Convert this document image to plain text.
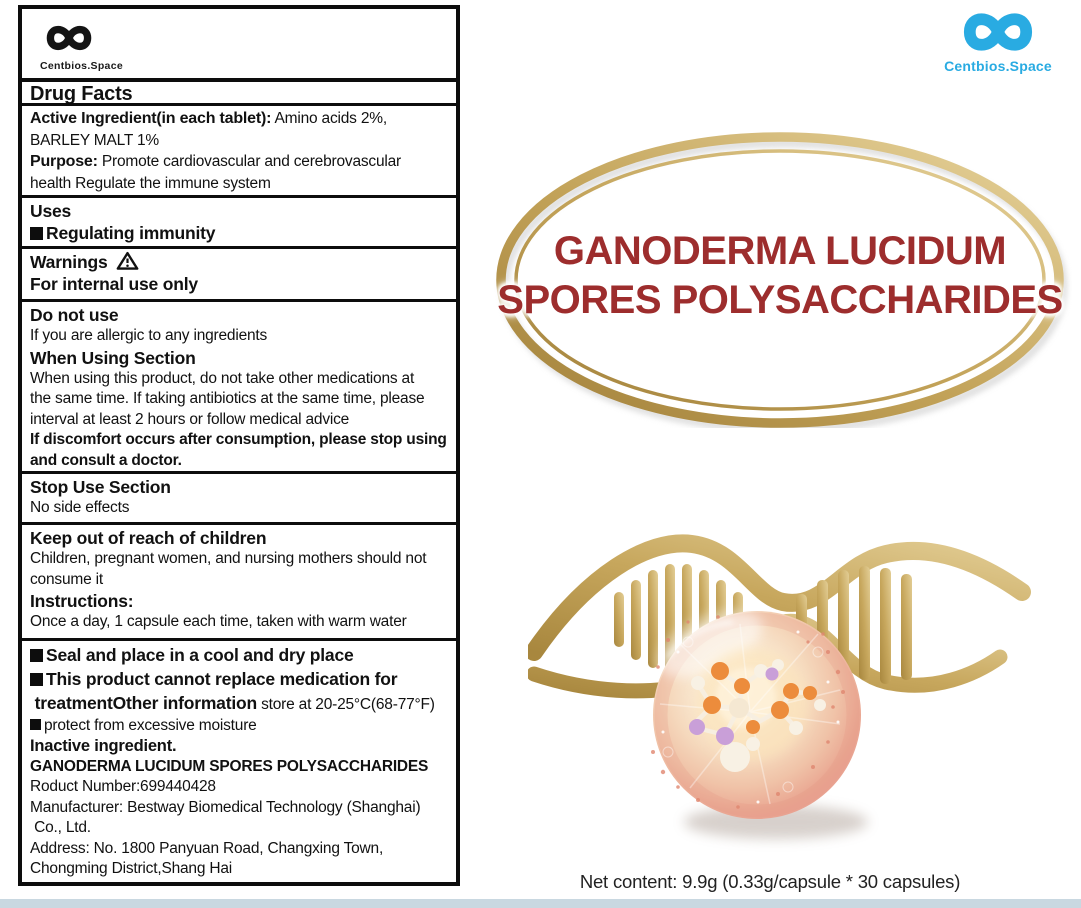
Centbios.Space

Drug Facts

Active Ingredient(in each tablet): Amino acids 2%,

BARLEY MALT 1%

Purpose: Promote cardiovascular and cerebrovascular

health Regulate the immune system

Uses

Regulating immunity

Warnings

For internal use only

Do not use

If you are allergic to any ingredients

When Using Section

When using this product, do not take other medications at

the same time. If taking antibiotics at the same time, please

interval at least 2 hours or follow medical advice

If discomfort occurs after consumption, please stop using

and consult a doctor.

Stop Use Section

No side effects

Keep out of reach of children

Children, pregnant women, and nursing mothers should not

consume it

Instructions:

Once a day, 1 capsule each time, taken with warm water

Seal and place in a cool and dry place

This product cannot replace medication for

treatmentOther information store at 20-25°C(68-77°F)

protect from excessive moisture

Inactive ingredient.

GANODERMA LUCIDUM SPORES POLYSACCHARIDES

Roduct Number:699440428

Manufacturer: Bestway Biomedical Technology (Shanghai)

Co., Ltd.

Address: No. 1800 Panyuan Road, Changxing Town,

Chongming District,Shang Hai

Centbios.Space
GANODERMA LUCIDUM
SPORES POLYSACCHARIDES
Net content: 9.9g (0.33g/capsule * 30 capsules)
